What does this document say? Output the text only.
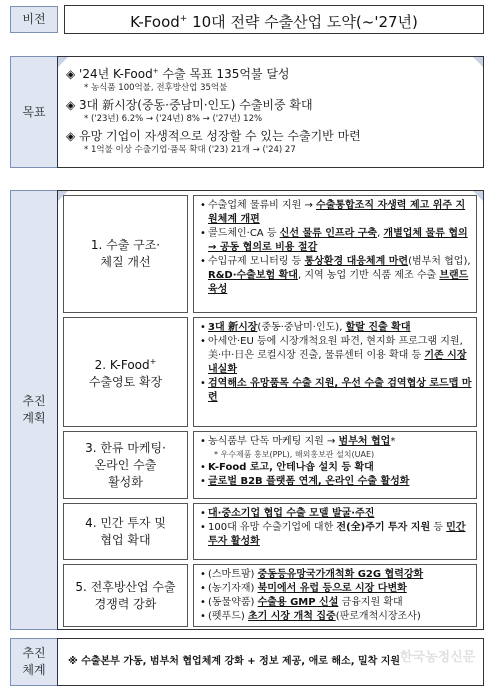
비전	K-Food+ 10대 전략 수출산업 도약(~'27년)
목표
◈ '24년 K-Food+ 수출 목표 135억불 달성
* 농식품 100억불, 전후방산업 35억불
◈ 3대 新시장(중동·중남미·인도) 수출비중 확대
* ('23년) 6.2% → ('24년) 8% → ('27년) 12%
◈ 유망 기업이 자생적으로 성장할 수 있는 수출기반 마련
* 1억불 이상 수출기업·품목 확대 ('23) 21개 → ('24) 27
추진
계획
1. 수출 구조·
체질 개선
• 수출업체 물류비 지원 → 수출통합조직 자생력 제고 위주 지원체계 개편
• 콜드체인·CA 등 신선 물류 인프라 구축, 개별업체 물류 협의 → 공동 협의로 비용 절감
• 수입규제 모니터링 등 통상환경 대응체계 마련(범부처 협업), R&D·수출보험 확대, 지역 농업 기반 식품 제조 수출 브랜드 육성
2. K-Food+
수출영토 확장
• 3대 新시장(중동·중남미·인도), 할랄 진출 확대
• 아세안·EU 등에 시장개척요원 파견, 현지화 프로그램 지원, 美·中·日은 로컬시장 진출, 물류센터 이용 확대 등 기존 시장 내실화
• 검역해소 유망품목 수출 지원, 우선 수출 검역협상 로드맵 마련
3. 한류 마케팅·
온라인 수출
활성화
• 농식품부 단독 마케팅 지원 → 범부처 협업*
* 우수제품 홍보(PPL), 해외홍보관 설치(UAE)
• K-Food 로고, 안테나숍 설치 등 확대
• 글로벌 B2B 플랫폼 연계, 온라인 수출 활성화
4. 민간 투자 및
협업 확대
• 대·중소기업 협업 수출 모델 발굴·주진
• 100대 유망 수출기업에 대한 전(全)주기 투자 지원 등 민간 투자 활성화
5. 전후방산업 수출
경쟁력 강화
• (스마트팜) 중동등유망국가개척화 G2G 협력강화
• (농기자재) 북미에서 유럽 등으로 시장 다변화
• (동물약품) 수출용 GMP 신설 금융지원 확대
• (펫푸드) 초기 시장 개척 집중(판로개척시장조사)
추진
체계
※ 수출본부 가동, 범부처 협업체계 강화 + 정보 제공, 애로 해소, 밀착 지원 한국농정신문
